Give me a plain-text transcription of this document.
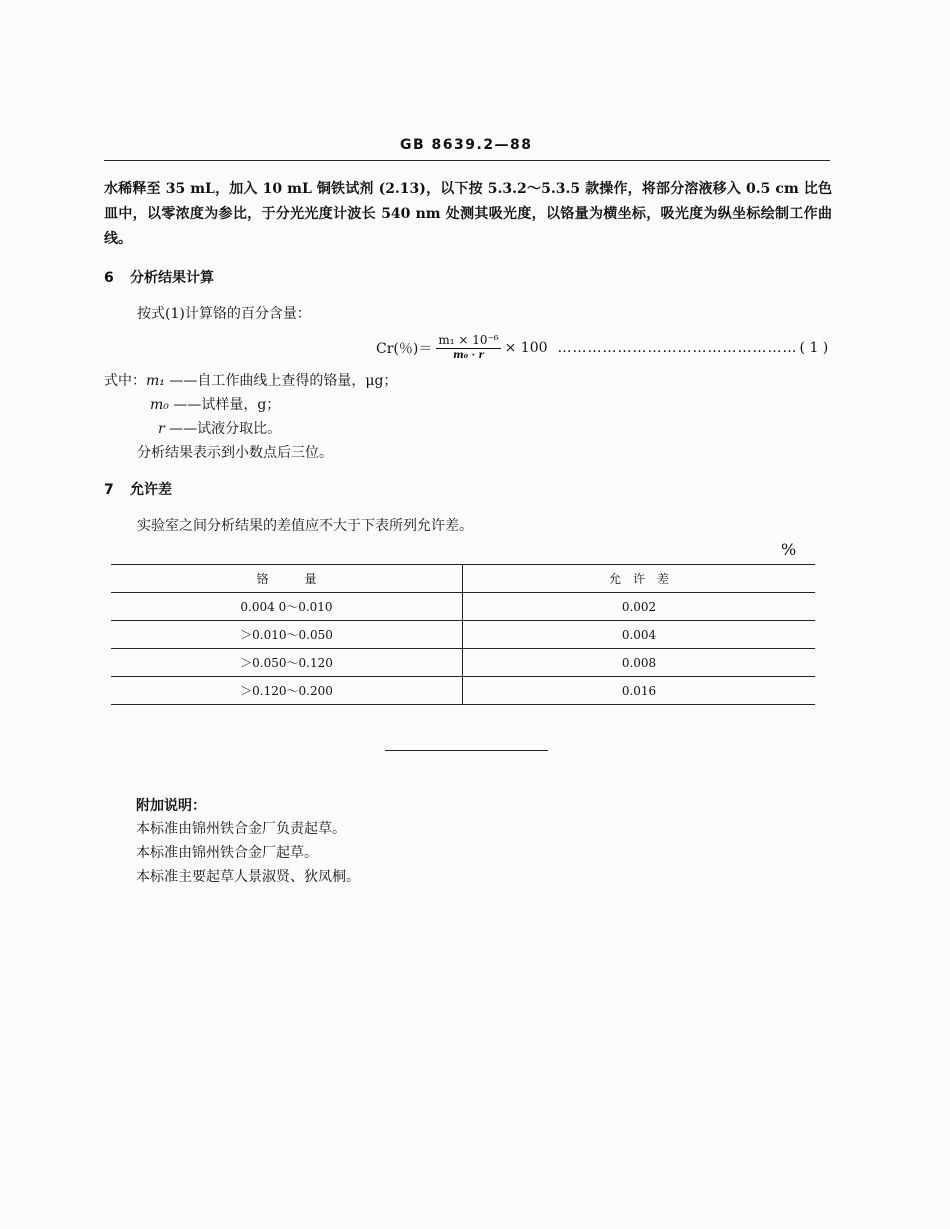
GB 8639.2—88
水稀释至 35 mL，加入 10 mL 铜铁试剂 (2.13)，以下按 5.3.2～5.3.5 款操作，将部分溶液移入 0.5 cm 比色皿中，以零浓度为参比，于分光光度计波长 540 nm 处测其吸光度，以铬量为横坐标，吸光度为纵坐标绘制工作曲线。
6 分析结果计算
按式(1)计算铬的百分含量：
Cr(％)＝ $\frac{\text{m₁ × 10⁻⁶}}{\text{m₀ · r}} \times 100$ ………………………………………… ( 1 )
式中：m₁ ——自工作曲线上查得的铬量，μg；
m₀ ——试样量，g；
r ——试液分取比。
分析结果表示到小数点后三位。
7 允许差
实验室之间分析结果的差值应不大于下表所列允许差。
%
铬　　　量	允　许　差
0.004 0～0.010	0.002
＞0.010～0.050	0.004
＞0.050～0.120	0.008
＞0.120～0.200	0.016
附加说明：
本标准由锦州铁合金厂负责起草。
本标准由锦州铁合金厂起草。
本标准主要起草人景淑贤、狄凤桐。
